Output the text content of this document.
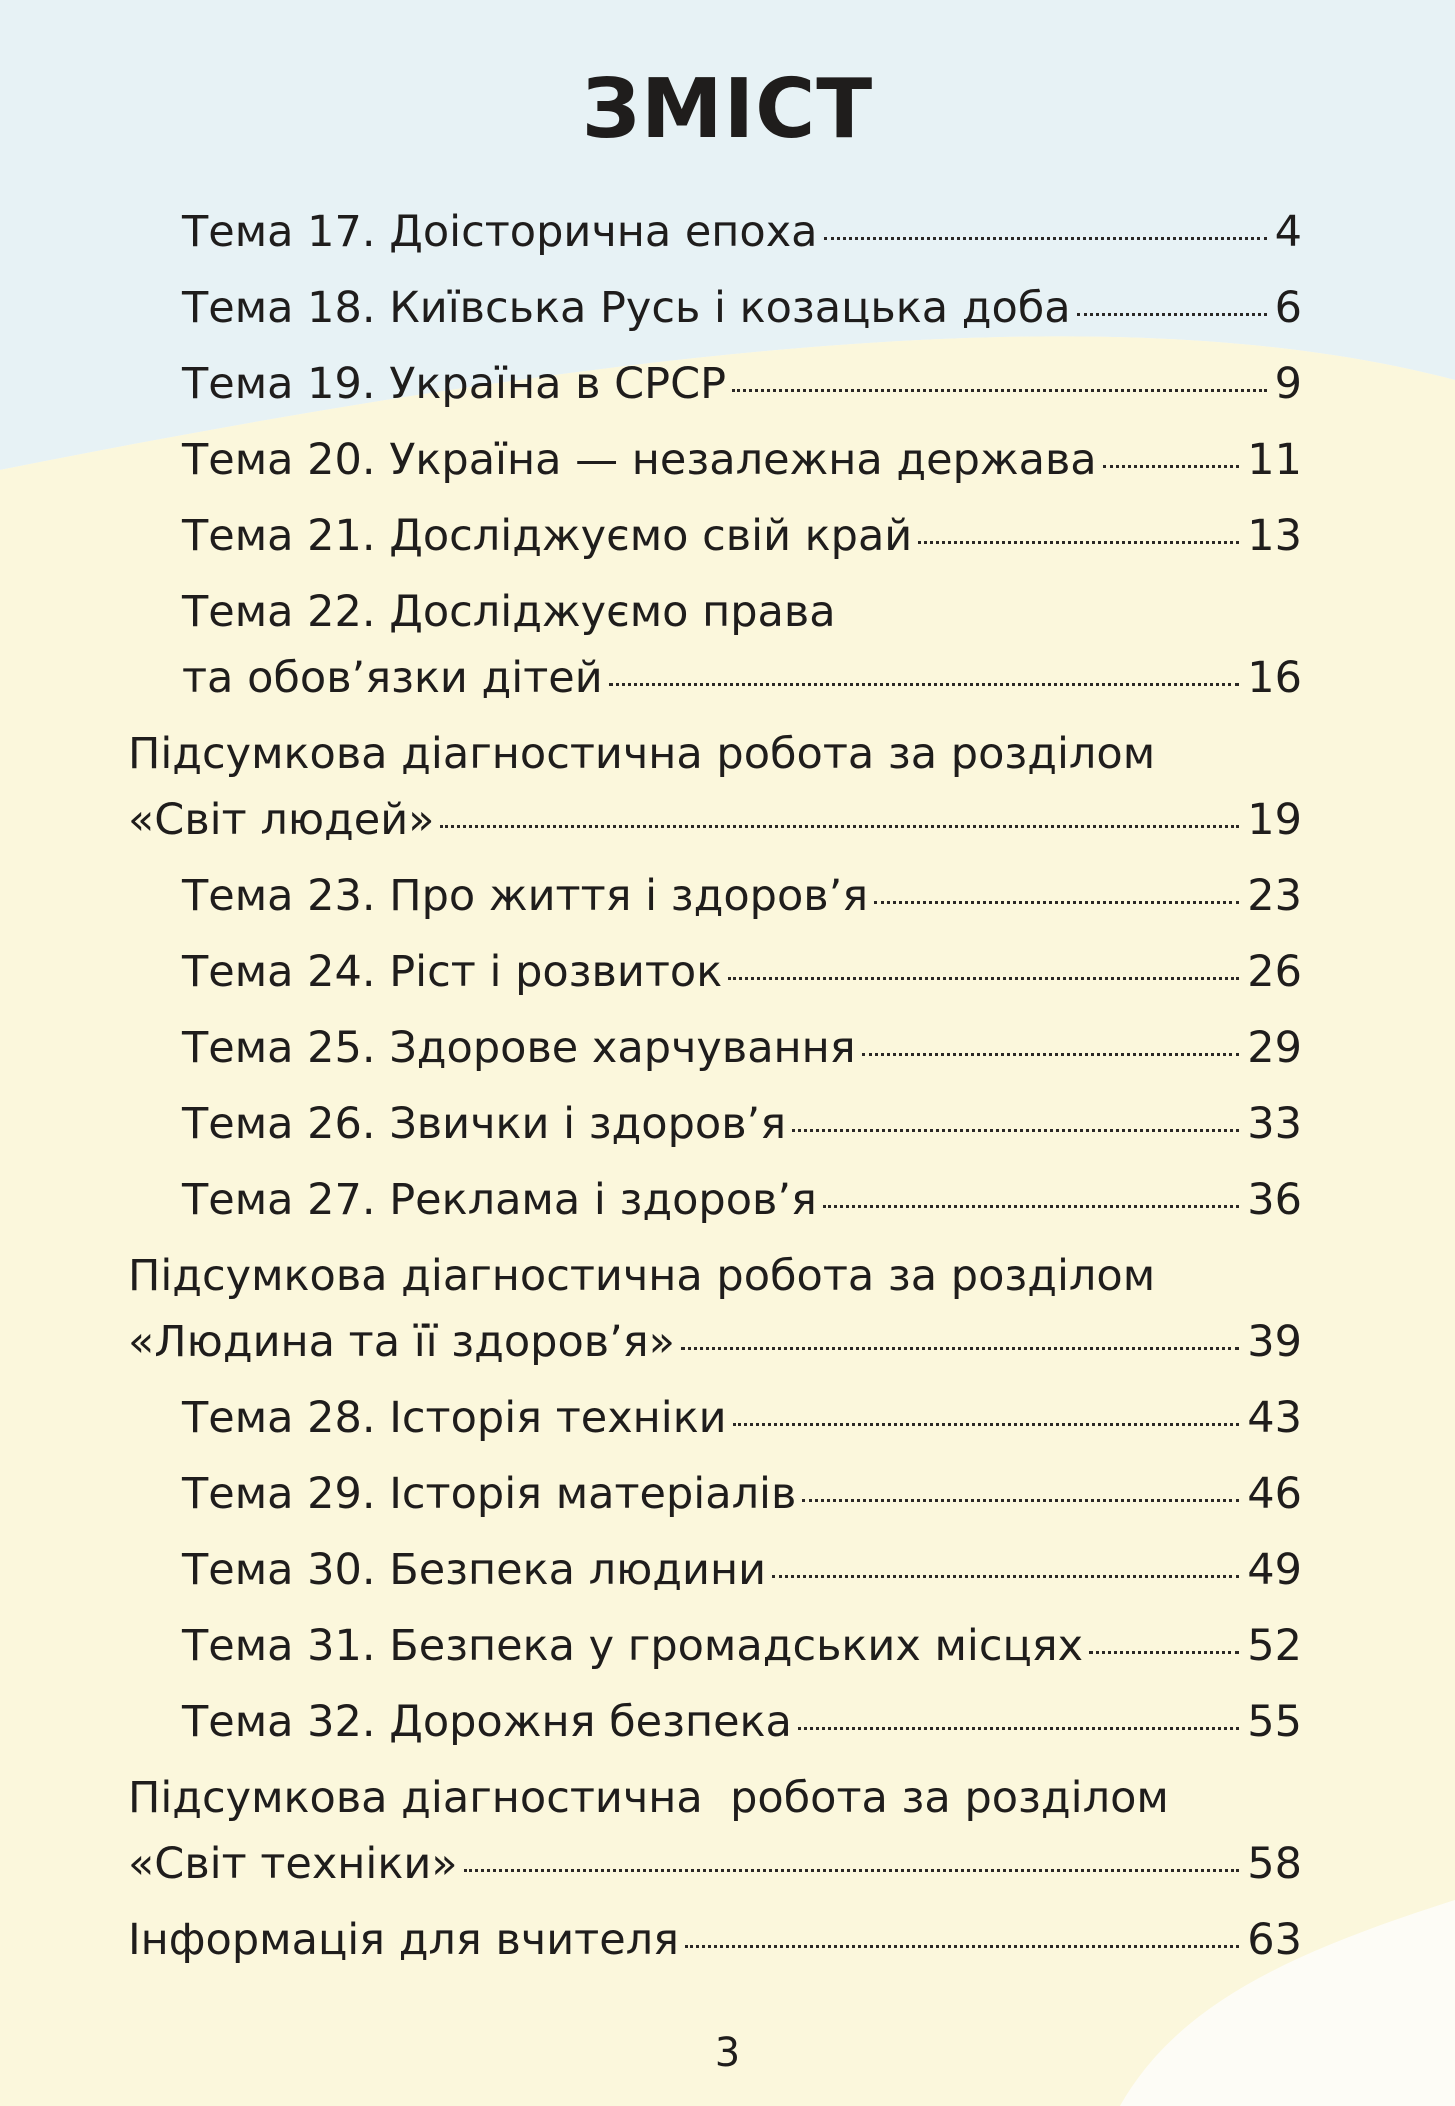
ЗМІСТ
Тема 17. Доісторична епоха	4
Тема 18. Київська Русь і козацька доба	6
Тема 19. Україна в СРСР	9
Тема 20. Україна — незалежна держава	11
Тема 21. Досліджуємо свій край	13
Тема 22. Досліджуємо права
та обов’язки дітей	16
Підсумкова діагностична робота за розділом
«Світ людей»	19
Тема 23. Про життя і здоров’я	23
Тема 24. Ріст і розвиток	26
Тема 25. Здорове харчування	29
Тема 26. Звички і здоров’я	33
Тема 27. Реклама і здоров’я	36
Підсумкова діагностична робота за розділом
«Людина та її здоров’я»	39
Тема 28. Історія техніки	43
Тема 29. Історія матеріалів	46
Тема 30. Безпека людини	49
Тема 31. Безпека у громадських місцях	52
Тема 32. Дорожня безпека	55
Підсумкова діагностична  робота за розділом
«Світ техніки»	58
Інформація для вчителя	63
3
